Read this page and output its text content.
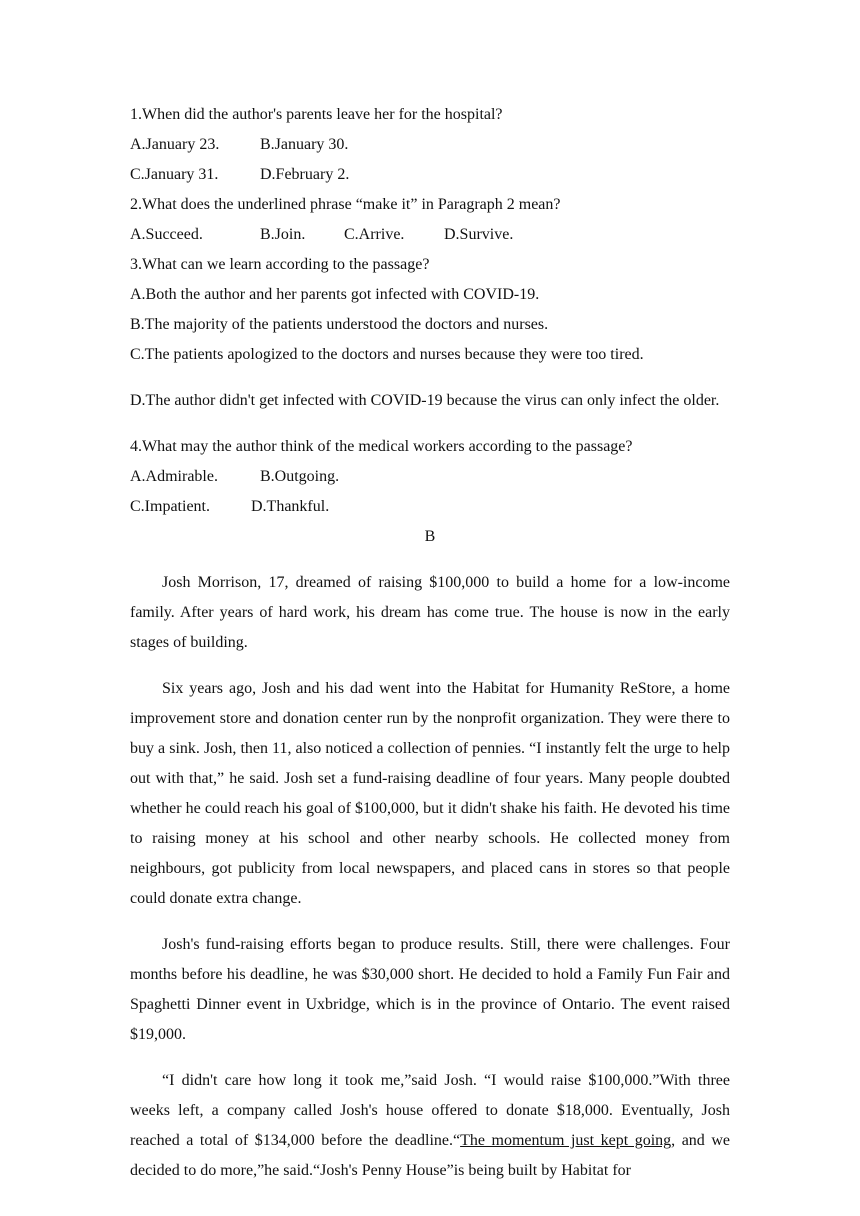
1.When did the author's parents leave her for the hospital?

A.January 23.	B.January 30.
C.January 31.	D.February 2.

2.What does the underlined phrase “make it” in Paragraph 2 mean?

A.Succeed.	B.Join.	C.Arrive.	D.Survive.

3.What can we learn according to the passage?

A.Both the author and her parents got infected with COVID-19.

B.The majority of the patients understood the doctors and nurses.

C.The patients apologized to the doctors and nurses because they were too tired.

D.The author didn't get infected with COVID-19 because the virus can only infect the older.

4.What may the author think of the medical workers according to the passage?

A.Admirable.	B.Outgoing.
C.Impatient.	D.Thankful.

B

Josh Morrison, 17, dreamed of raising $100,000 to build a home for a low-income family. After years of hard work, his dream has come true. The house is now in the early stages of building.

Six years ago, Josh and his dad went into the Habitat for Humanity ReStore, a home improvement store and donation center run by the nonprofit organization. They were there to buy a sink. Josh, then 11, also noticed a collection of pennies. “I instantly felt the urge to help out with that,” he said. Josh set a fund-raising deadline of four years. Many people doubted whether he could reach his goal of $100,000, but it didn't shake his faith. He devoted his time to raising money at his school and other nearby schools. He collected money from neighbours, got publicity from local newspapers, and placed cans in stores so that people could donate extra change.

Josh's fund-raising efforts began to produce results. Still, there were challenges. Four months before his deadline, he was $30,000 short. He decided to hold a Family Fun Fair and Spaghetti Dinner event in Uxbridge, which is in the province of Ontario. The event raised $19,000.

“I didn't care how long it took me,”said Josh. “I would raise $100,000.”With three weeks left, a company called Josh's house offered to donate $18,000. Eventually, Josh reached a total of $134,000 before the deadline.“The momentum just kept going, and we decided to do more,”he said.“Josh's Penny House”is being built by Habitat for
